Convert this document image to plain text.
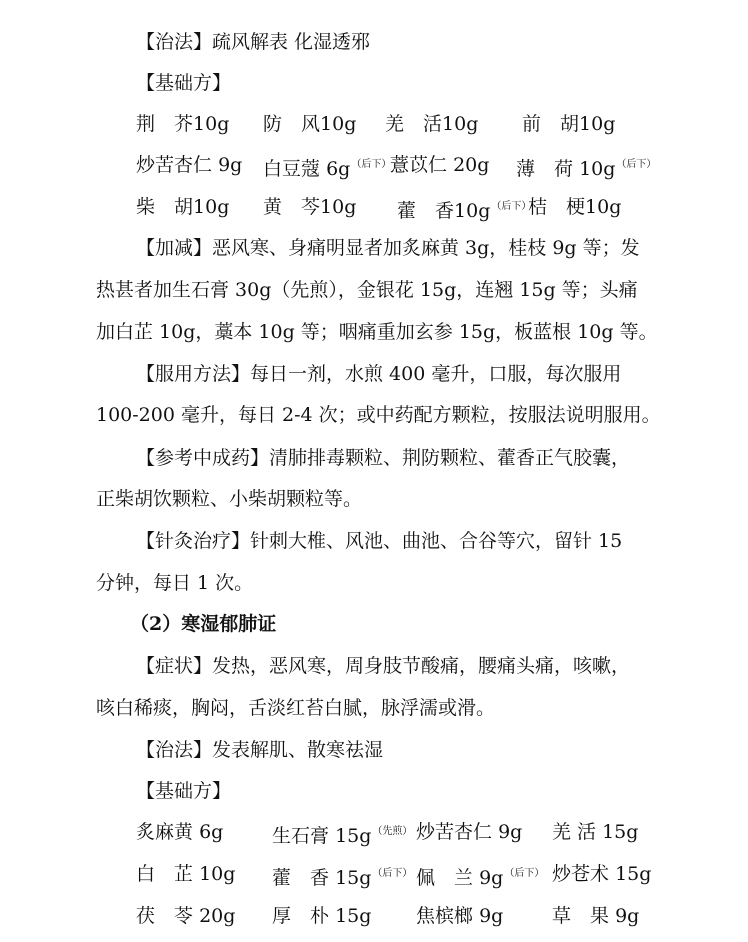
【治法】疏风解表 化湿透邪
【基础方】
荆　芥10g 防　风10g 羌　活10g 前　胡10g
炒苦杏仁 9g 白豆蔻 6g$^{(后下)}$
薏苡仁 20g 薄　荷 10g$^{(后下)}$
柴　胡10g 黄　芩10g 藿　香10g$^{(后下)}$
桔　梗10g
【加减】恶风寒、身痛明显者加炙麻黄 3g，桂枝 9g 等；发
热甚者加生石膏 30g（先煎），金银花 15g，连翘 15g 等；头痛
加白芷 10g，藁本 10g 等；咽痛重加玄参 15g，板蓝根 10g 等。
【服用方法】每日一剂，水煎 400 毫升，口服，每次服用
100-200 毫升，每日 2-4 次；或中药配方颗粒，按服法说明服用。
【参考中成药】清肺排毒颗粒、荆防颗粒、藿香正气胶囊，
正柴胡饮颗粒、小柴胡颗粒等。
【针灸治疗】针刺大椎、风池、曲池、合谷等穴，留针 15
分钟，每日 1 次。
（2）寒湿郁肺证
【症状】发热，恶风寒，周身肢节酸痛，腰痛头痛，咳嗽，
咳白稀痰，胸闷，舌淡红苔白腻，脉浮濡或滑。
【治法】发表解肌、散寒祛湿
【基础方】
炙麻黄 6g	生石膏 15g$^{(先煎)}$ 炒苦杏仁 9g 羌 活 15g
白　芷 10g 藿　香 15g$^{(后下)}$ 佩　兰 9g$^{(后下)}$ 炒苍术 15g
茯　苓 20g 厚　朴 15g 焦槟榔 9g	草　果 9g
